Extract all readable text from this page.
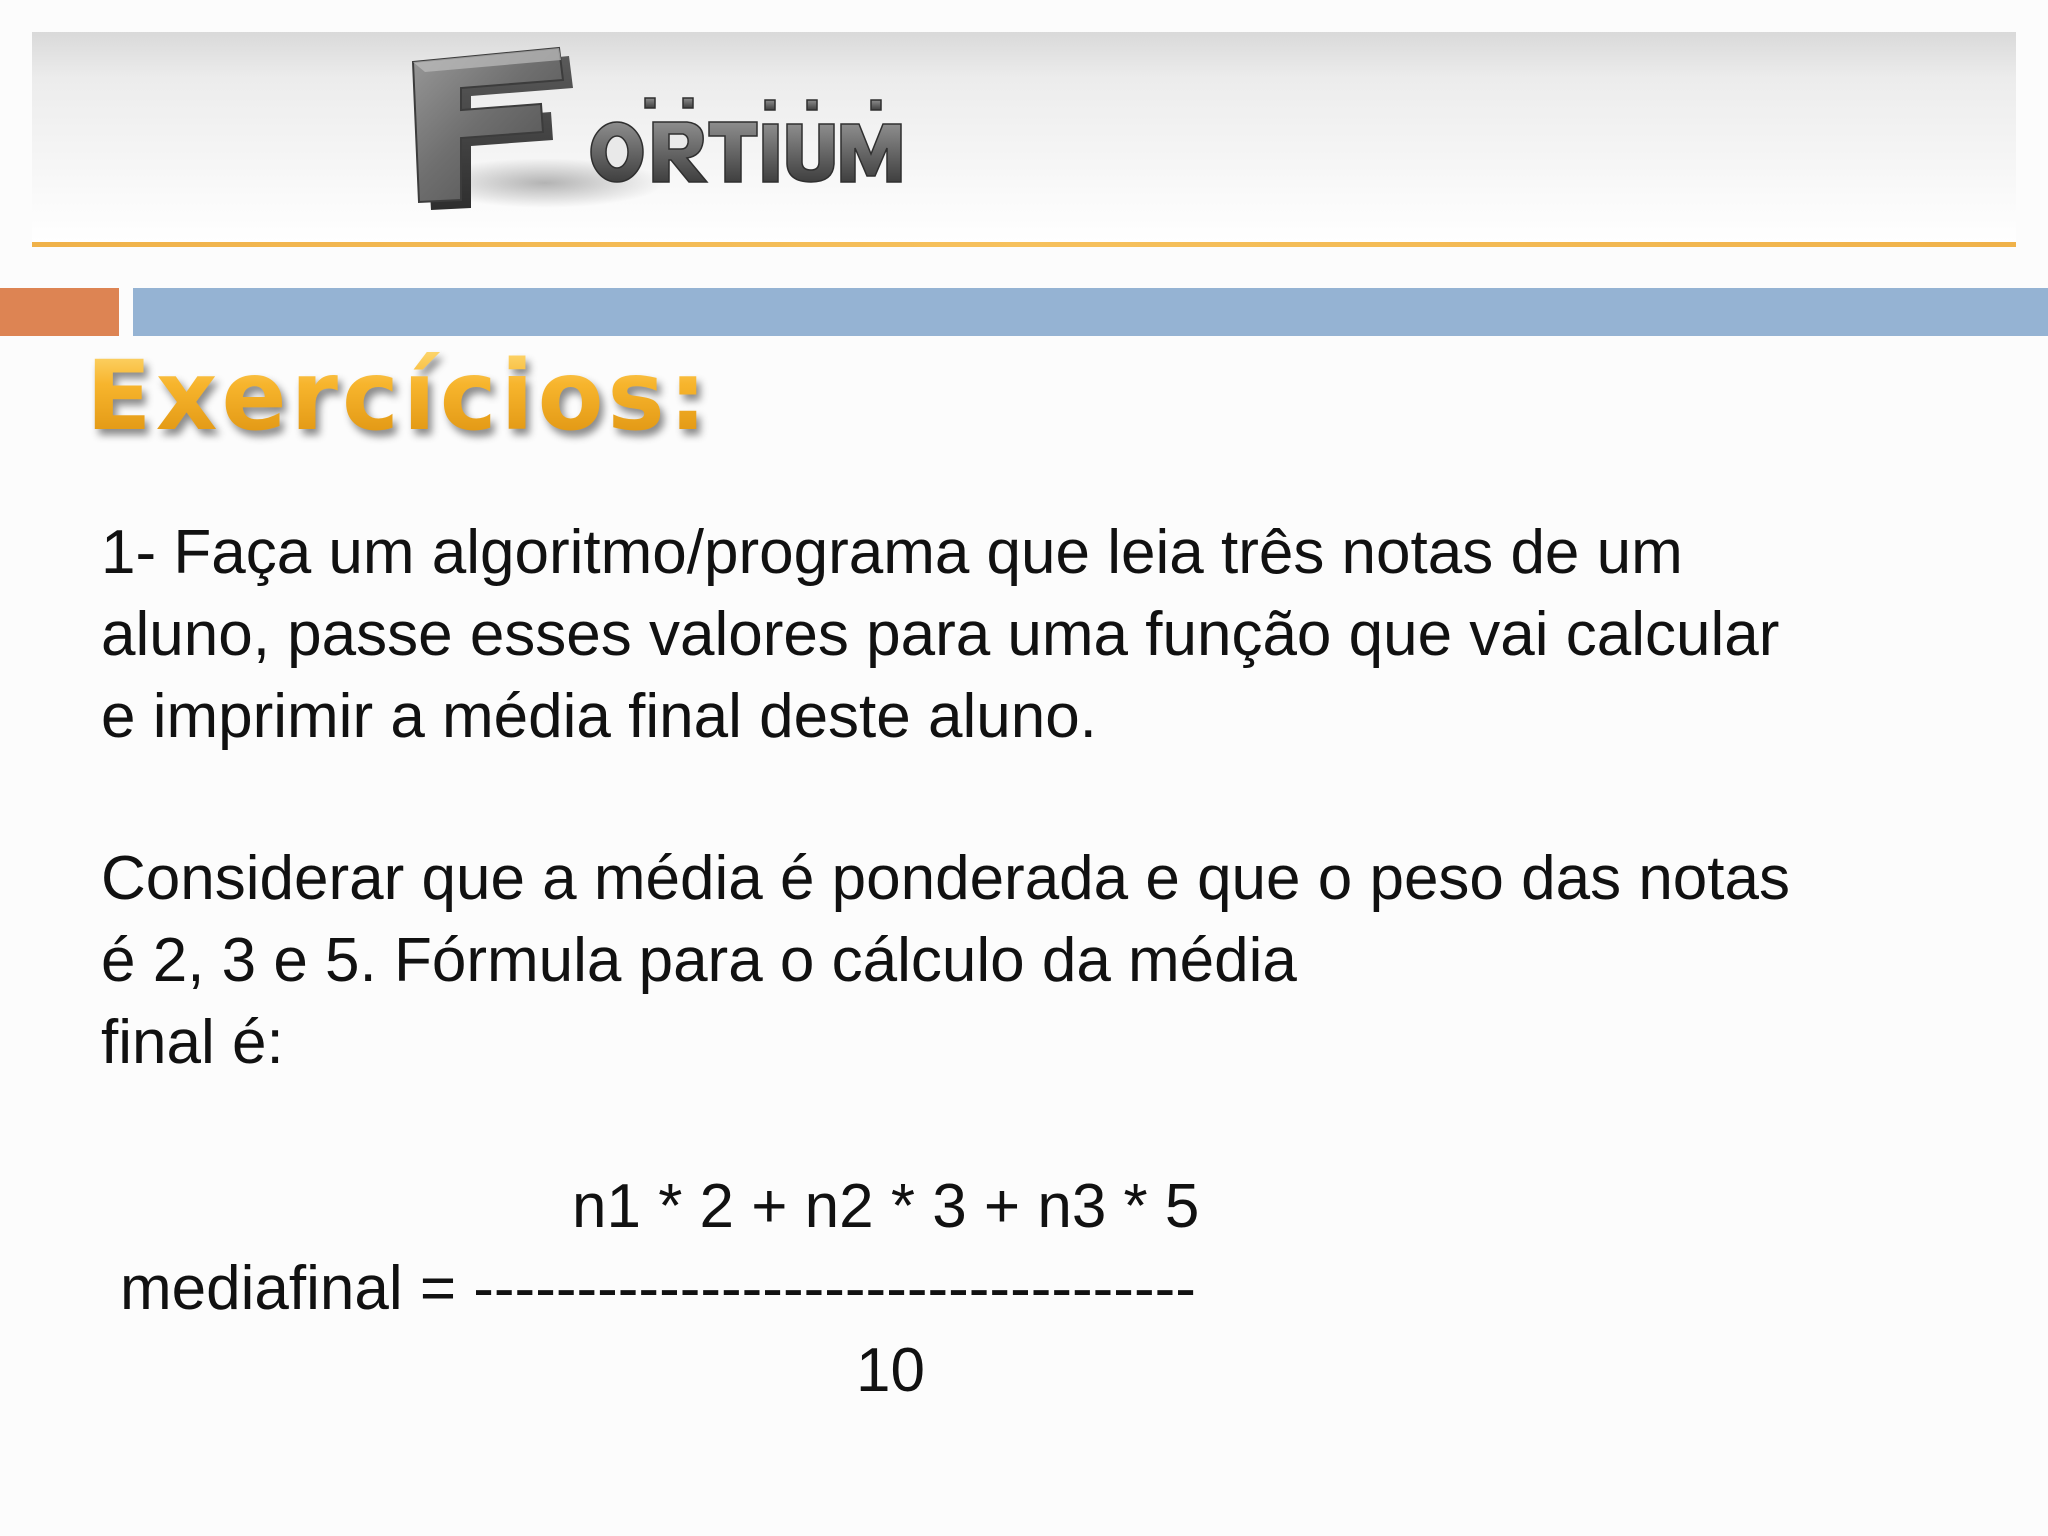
Exercícios:

1- Faça um algoritmo/programa que leia três notas de um
aluno, passe esses valores para uma função que vai calcular
e imprimir a média final deste aluno.

Considerar que a média é ponderada e que o peso das notas
é 2, 3 e 5. Fórmula para o cálculo da média
final é:

n1 * 2 + n2 * 3 + n3 * 5

mediafinal = -----------------------------------

10
